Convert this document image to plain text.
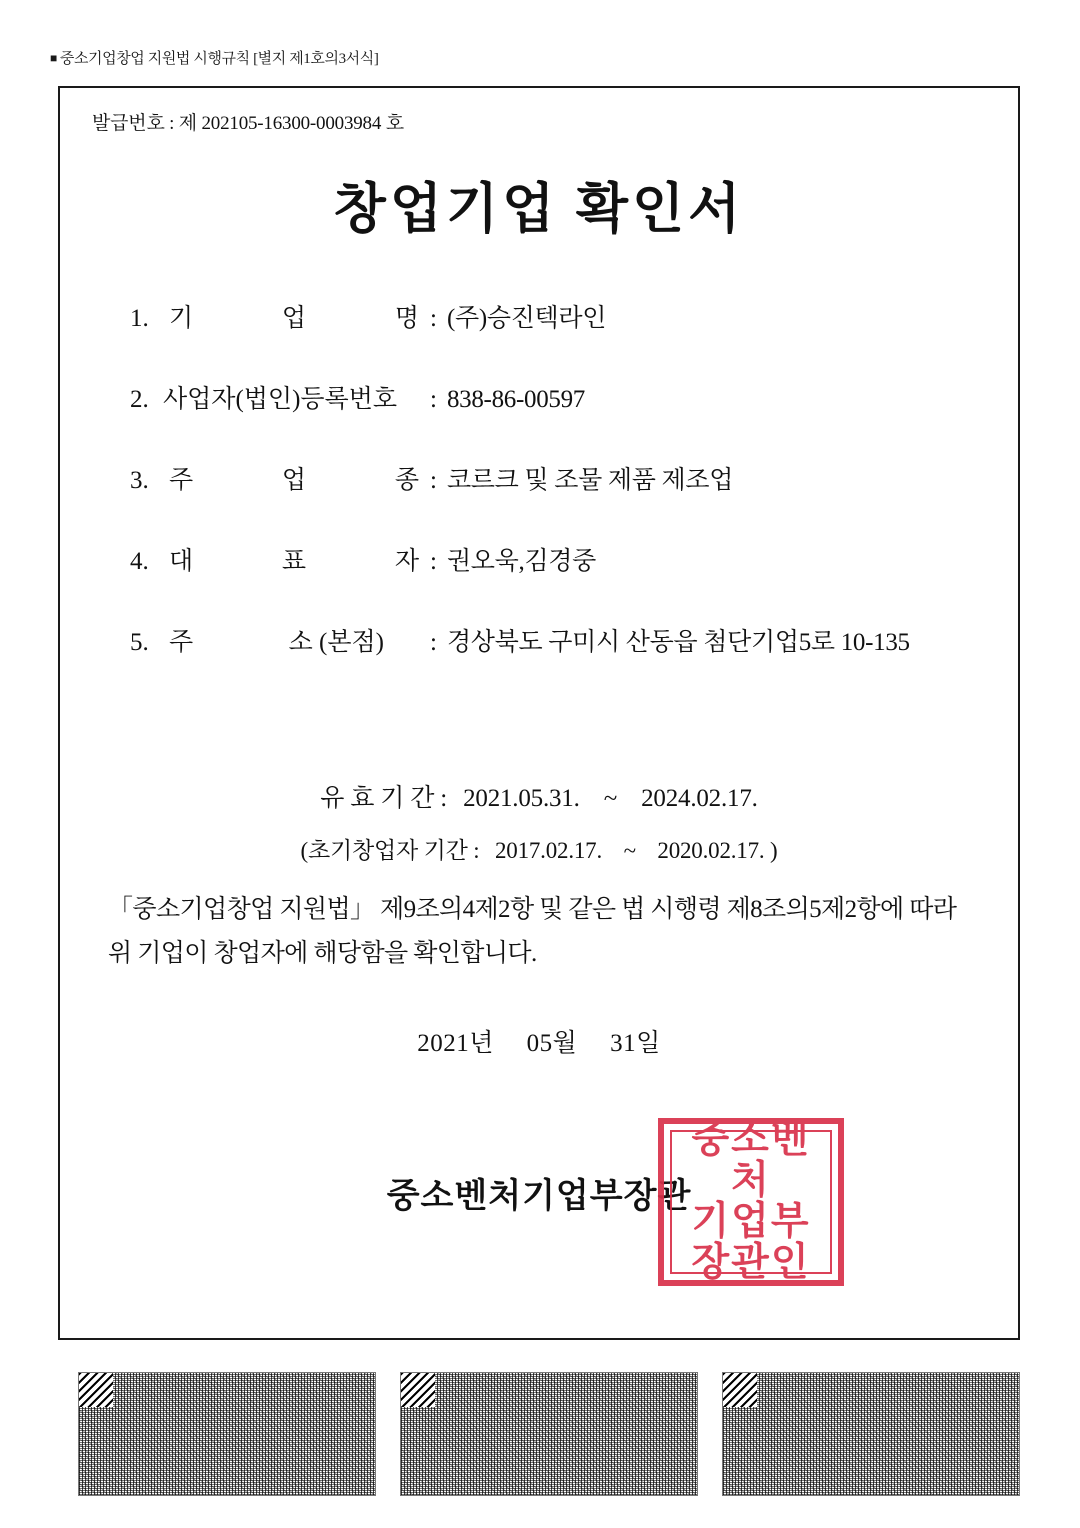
■ 중소기업창업 지원법 시행규칙 [별지 제1호의3서식]
발급번호 : 제 202105-16300-0003984 호
창업기업 확인서
1. 기	업	명 : (주)승진텍라인
2. 사업자(법인)등록번호	: 838-86-00597
3. 주	업	종 : 코르크 및 조물 제품 제조업
4. 대	표	자 : 권오욱,김경중
5. 주	소 (본점) : 경상북도 구미시 산동읍 첨단기업5로 10-135
유 효 기 간 : 2021.05.31. ~ 2024.02.17.
(초기창업자 기간 : 2017.02.17. ~ 2020.02.17. )
「중소기업창업 지원법」 제9조의4제2항 및 같은 법 시행령 제8조의5제2항에 따라 위 기업이 창업자에 해당함을 확인합니다.
2021년 05월 31일
중소벤처기업부장관
중소벤처
기업부
장관인
